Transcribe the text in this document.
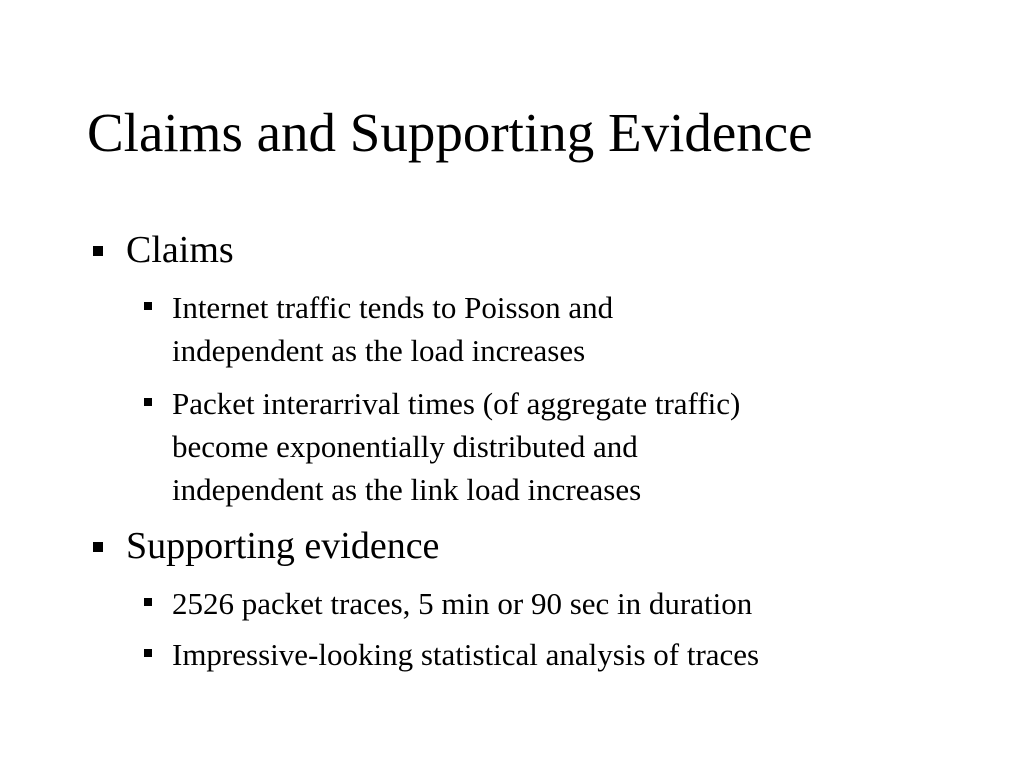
Claims and Supporting Evidence
Claims
Internet traffic tends to Poisson and
independent as the load increases
Packet interarrival times (of aggregate traffic)
become exponentially distributed and
independent as the link load increases
Supporting evidence
2526 packet traces, 5 min or 90 sec in duration
Impressive-looking statistical analysis of traces
